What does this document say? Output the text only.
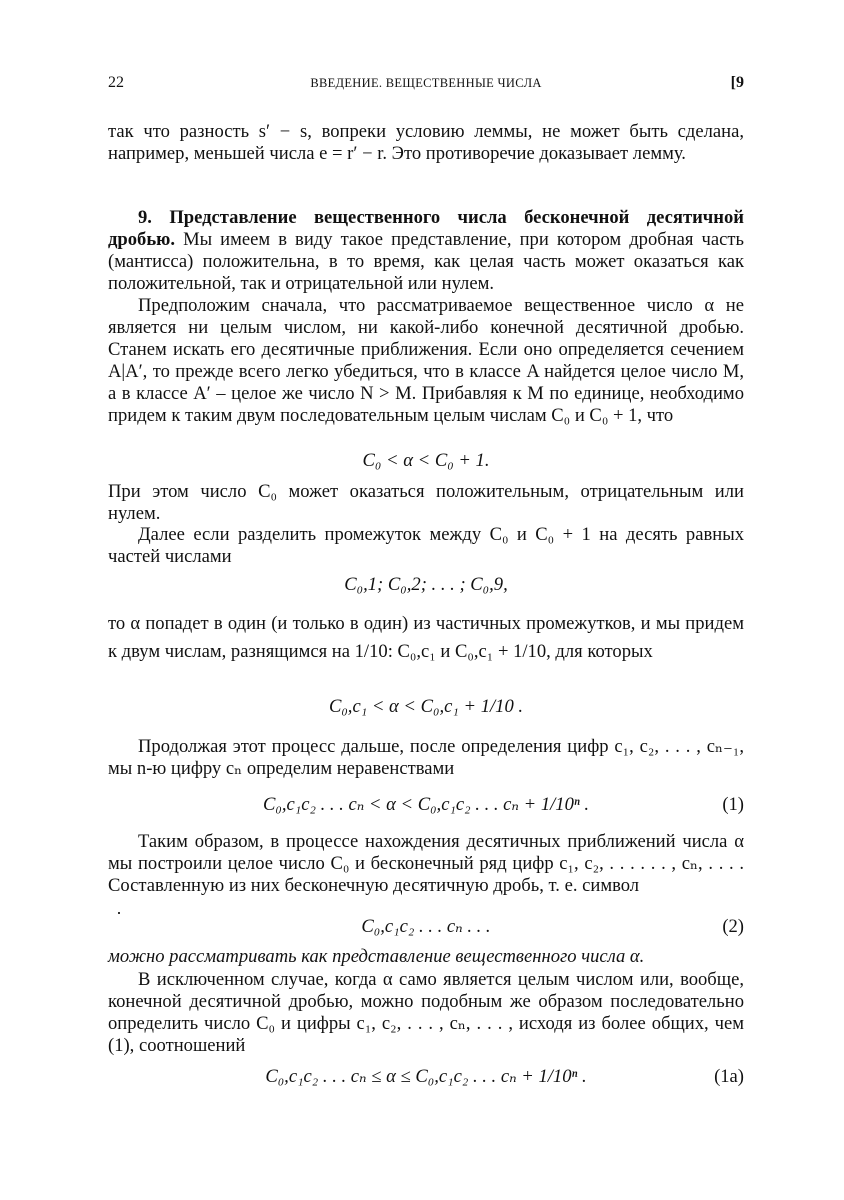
22	ВВЕДЕНИЕ. ВЕЩЕСТВЕННЫЕ ЧИСЛА	[9
так что разность s′ − s, вопреки условию леммы, не может быть сделана, например, меньшей числа e = r′ − r. Это противоречие доказывает лемму.
9. Представление вещественного числа бесконечной десятичной дробью. Мы имеем в виду такое представление, при котором дробная часть (мантисса) положительна, в то время, как целая часть может оказаться как положительной, так и отрицательной или нулем.
Предположим сначала, что рассматриваемое вещественное число α не является ни целым числом, ни какой-либо конечной десятичной дробью. Станем искать его десятичные приближения. Если оно определяется сечением A|A′, то прежде всего легко убедиться, что в классе A найдется целое число M, а в классе A′ – целое же число N > M. Прибавляя к M по единице, необходимо придем к таким двум последовательным целым числам C₀ и C₀ + 1, что
C₀ < α < C₀ + 1.
При этом число C₀ может оказаться положительным, отрицательным или нулем.
Далее если разделить промежуток между C₀ и C₀ + 1 на десять равных частей числами
C₀,1; C₀,2; . . . ; C₀,9,
то α попадет в один (и только в один) из частичных промежутков, и мы придем к двум числам, разнящимся на 1/10: C₀,c₁ и C₀,c₁ + 1/10, для которых
C₀,c₁ < α < C₀,c₁ + 1/10 .
Продолжая этот процесс дальше, после определения цифр c₁, c₂, . . . , cₙ₋₁, мы n-ю цифру cₙ определим неравенствами
C₀,c₁c₂ . . . cₙ < α < C₀,c₁c₂ . . . cₙ + 1/10ⁿ .	(1)
Таким образом, в процессе нахождения десятичных приближений числа α мы построили целое число C₀ и бесконечный ряд цифр c₁, c₂, . . . . . . , cₙ, . . . . Составленную из них бесконечную десятичную дробь, т. е. символ
C₀,c₁c₂ . . . cₙ . . .	(2)
можно рассматривать как представление вещественного числа α.
В исключенном случае, когда α само является целым числом или, вообще, конечной десятичной дробью, можно подобным же образом последовательно определить число C₀ и цифры c₁, c₂, . . . , cₙ, . . . , исходя из более общих, чем (1), соотношений
C₀,c₁c₂ . . . cₙ ≤ α ≤ C₀,c₁c₂ . . . cₙ + 1/10ⁿ .	(1a)
